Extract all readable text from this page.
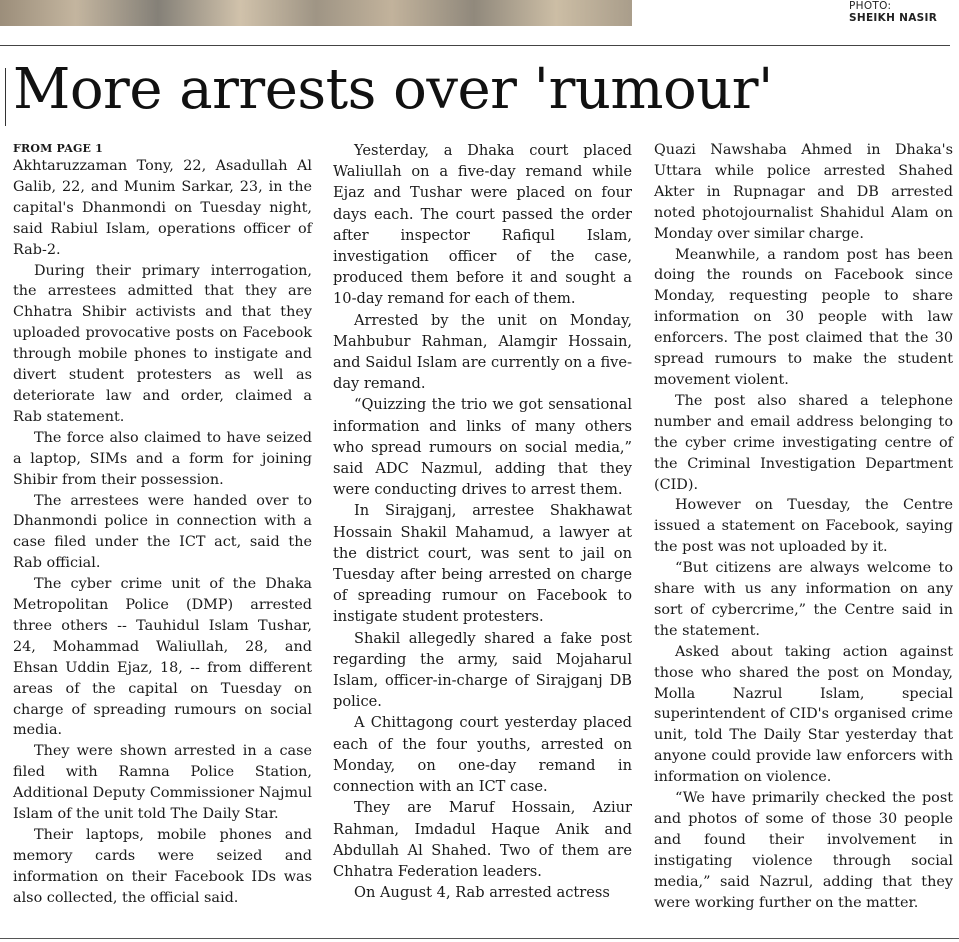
PHOTO:
SHEIKH NASIR
More arrests over 'rumour'
FROM PAGE 1

Akhtaruzzaman Tony, 22, Asadullah Al Galib, 22, and Munim Sarkar, 23, in the capital's Dhanmondi on Tuesday night, said Rabiul Islam, operations officer of Rab-2.

During their primary interrogation, the arrestees admitted that they are Chhatra Shibir activists and that they uploaded provocative posts on Facebook through mobile phones to instigate and divert student protesters as well as deteriorate law and order, claimed a Rab statement.

The force also claimed to have seized a laptop, SIMs and a form for joining Shibir from their possession.

The arrestees were handed over to Dhanmondi police in connection with a case filed under the ICT act, said the Rab official.

The cyber crime unit of the Dhaka Metropolitan Police (DMP) arrested three others -- Tauhidul Islam Tushar, 24, Mohammad Waliullah, 28, and Ehsan Uddin Ejaz, 18, -- from different areas of the capital on Tuesday on charge of spreading rumours on social media.

They were shown arrested in a case filed with Ramna Police Station, Additional Deputy Commissioner Najmul Islam of the unit told The Daily Star.

Their laptops, mobile phones and memory cards were seized and information on their Facebook IDs was also collected, the official said.

Yesterday, a Dhaka court placed Waliullah on a five-day remand while Ejaz and Tushar were placed on four days each. The court passed the order after inspector Rafiqul Islam, investigation officer of the case, produced them before it and sought a 10-day remand for each of them.

Arrested by the unit on Monday, Mahbubur Rahman, Alamgir Hossain, and Saidul Islam are currently on a five-day remand.

“Quizzing the trio we got sensational information and links of many others who spread rumours on social media,” said ADC Nazmul, adding that they were conducting drives to arrest them.

In Sirajganj, arrestee Shakhawat Hossain Shakil Mahamud, a lawyer at the district court, was sent to jail on Tuesday after being arrested on charge of spreading rumour on Facebook to instigate student protesters.

Shakil allegedly shared a fake post regarding the army, said Mojaharul Islam, officer-in-charge of Sirajganj DB police.

A Chittagong court yesterday placed each of the four youths, arrested on Monday, on one-day remand in connection with an ICT case.

They are Maruf Hossain, Aziur Rahman, Imdadul Haque Anik and Abdullah Al Shahed. Two of them are Chhatra Federation leaders.

On August 4, Rab arrested actress

Quazi Nawshaba Ahmed in Dhaka's Uttara while police arrested Shahed Akter in Rupnagar and DB arrested noted photojournalist Shahidul Alam on Monday over similar charge.

Meanwhile, a random post has been doing the rounds on Facebook since Monday, requesting people to share information on 30 people with law enforcers. The post claimed that the 30 spread rumours to make the student movement violent.

The post also shared a telephone number and email address belonging to the cyber crime investigating centre of the Criminal Investigation Department (CID).

However on Tuesday, the Centre issued a statement on Facebook, saying the post was not uploaded by it.

“But citizens are always welcome to share with us any information on any sort of cybercrime,” the Centre said in the statement.

Asked about taking action against those who shared the post on Monday, Molla Nazrul Islam, special superintendent of CID's organised crime unit, told The Daily Star yesterday that anyone could provide law enforcers with information on violence.

“We have primarily checked the post and photos of some of those 30 people and found their involvement in instigating violence through social media,” said Nazrul, adding that they were working further on the matter.
